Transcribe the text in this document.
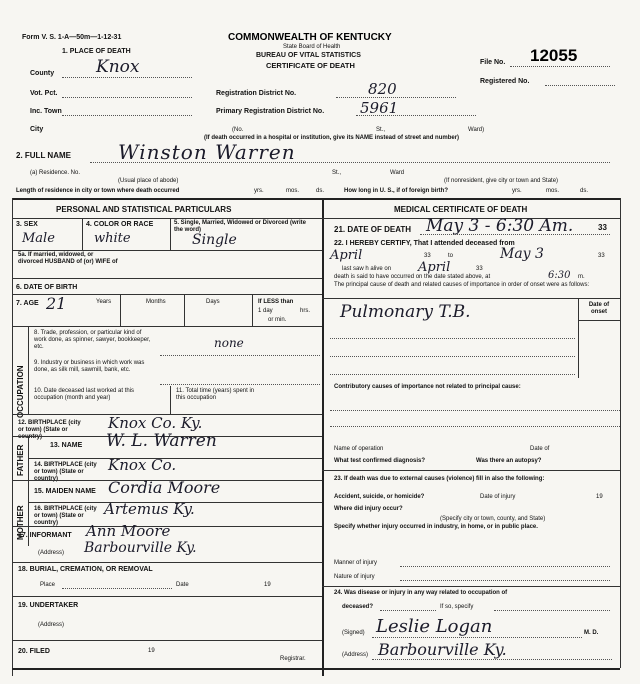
Form V. S. 1-A—50m—1-12-31	COMMONWEALTH OF KENTUCKY
State Board of Health
BUREAU OF VITAL STATISTICS
CERTIFICATE OF DEATH	File No. 12055
Registered No.
1. PLACE OF DEATH
County Knox
Vot. Pct.
Inc. Town
Registration District No.	820
Primary Registration District No. 5961
City	(No.	St.,	Ward)
(If death occurred in a hospital or institution, give its NAME instead of street and number)
2. FULL NAME Winston Warren
(a) Residence. No.	St.,	Ward
(Usual place of abode)	(If nonresident, give city or town and State)
Length of residence in city or town where death occurred	yrs.	mos.	ds.	How long in U. S., if of foreign birth?	yrs.	mos.	ds.
PERSONAL AND STATISTICAL PARTICULARS	MEDICAL CERTIFICATE OF DEATH
3. SEX
Male
4. COLOR OR RACE
white
5. Single, Married, Widowed or Divorced (write the word)
Single
5a. If married, widowed, or divorced HUSBAND of (or) WIFE of
6. DATE OF BIRTH
7. AGE 21	Years	Months	Days	If LESS than
1 day	hrs.
or min.
OCCUPATION
8. Trade, profession, or particular kind of work done, as spinner, sawyer, bookkeeper, etc.	none
9. Industry or business in which work was done, as silk mill, sawmill, bank, etc.
10. Date deceased last worked at this occupation (month and year)
11. Total time (years) spent in this occupation
12. BIRTHPLACE (city or town) (State or country)
Knox Co. Ky.
FATHER	13. NAME W. L. Warren
14. BIRTHPLACE (city or town) (State or country)
Knox Co.
MOTHER
15. MAIDEN NAME Cordia Moore
16. BIRTHPLACE (city or town) (State or country)
Artemus Ky.
17. INFORMANT Ann Moore
(Address) Barbourville Ky.
18. BURIAL, CREMATION, OR REMOVAL
Place	Date	19
19. UNDERTAKER
(Address)
20. FILED	19
Registrar.
21. DATE OF DEATH May 3 - 6:30 Am.	33
22. I HEREBY CERTIFY, That I attended deceased from
April	33	to	May 3	33
last saw h alive on April	33
death is said to have occurred on the date stated above, at	6:30 m.
The principal cause of death and related causes of importance in order of onset were as follows:
Date of onset
Pulmonary T.B.
Contributory causes of importance not related to principal cause:
Name of operation	Date of
What test confirmed diagnosis?	Was there an autopsy?
23. If death was due to external causes (violence) fill in also the following:
Accident, suicide, or homicide?	Date of injury	19
Where did injury occur?
(Specify city or town, county, and State)
Specify whether injury occurred in industry, in home, or in public place.
Manner of injury
Nature of injury
24. Was disease or injury in any way related to occupation of
deceased?	If so, specify
(Signed) Leslie Logan	M. D.
(Address) Barbourville Ky.
